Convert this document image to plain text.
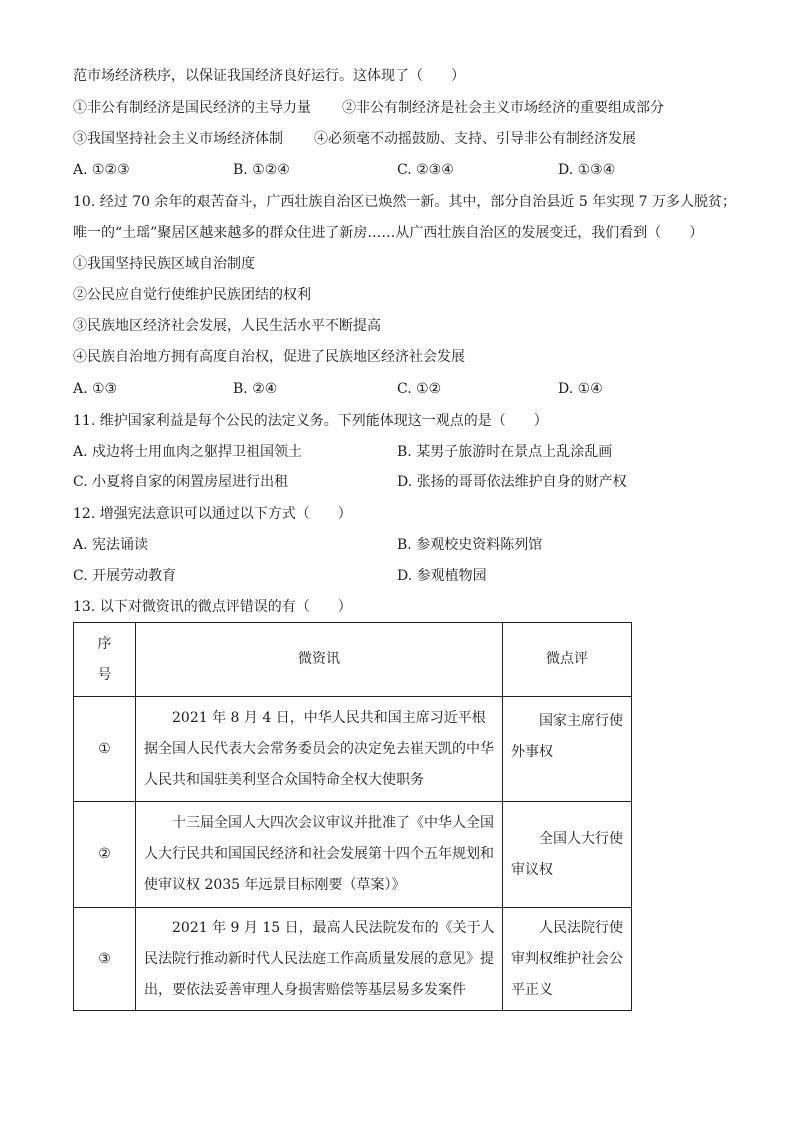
范市场经济秩序，以保证我国经济良好运行。这体现了（　　）
①非公有制经济是国民经济的主导力量 ②非公有制经济是社会主义市场经济的重要组成部分
③我国坚持社会主义市场经济体制 ④必须毫不动摇鼓励、支持、引导非公有制经济发展
A. ①②③	B. ①②④	C. ②③④	D. ①③④
10. 经过 70 余年的艰苦奋斗，广西壮族自治区已焕然一新。其中，部分自治县近 5 年实现 7 万多人脱贫；
唯一的“土瑶”聚居区越来越多的群众住进了新房……从广西壮族自治区的发展变迁，我们看到（　　）
①我国坚持民族区域自治制度
②公民应自觉行使维护民族团结的权利
③民族地区经济社会发展，人民生活水平不断提高
④民族自治地方拥有高度自治权，促进了民族地区经济社会发展
A. ①③	B. ②④	C. ①②	D. ①④
11. 维护国家利益是每个公民的法定义务。下列能体现这一观点的是（　　）
A. 戍边将士用血肉之躯捍卫祖国领土	B. 某男子旅游时在景点上乱涂乱画
C. 小夏将自家的闲置房屋进行出租	D. 张扬的哥哥依法维护自身的财产权
12. 增强宪法意识可以通过以下方式（　　）
A. 宪法诵读	B. 参观校史资料陈列馆
C. 开展劳动教育	D. 参观植物园
13. 以下对微资讯的微点评错误的有（　　）
序号	微资讯	微点评
①	2021 年 8 月 4 日，中华人民共和国主席习近平根据全国人民代表大会常务委员会的决定免去崔天凯的中华人民共和国驻美利坚合众国特命全权大使职务	国家主席行使外事权

②	十三届全国人大四次会议审议并批准了《中华人全国人大行民共和国国民经济和社会发展第十四个五年规划和使审议权 2035 年远景目标刚要（草案）》	全国人大行使审议权

③	2021 年 9 月 15 日，最高人民法院发布的《关于人民法院行推动新时代人民法庭工作高质量发展的意见》提出，要依法妥善审理人身损害赔偿等基层易多发案件	人民法院行使审判权维护社会公平正义
